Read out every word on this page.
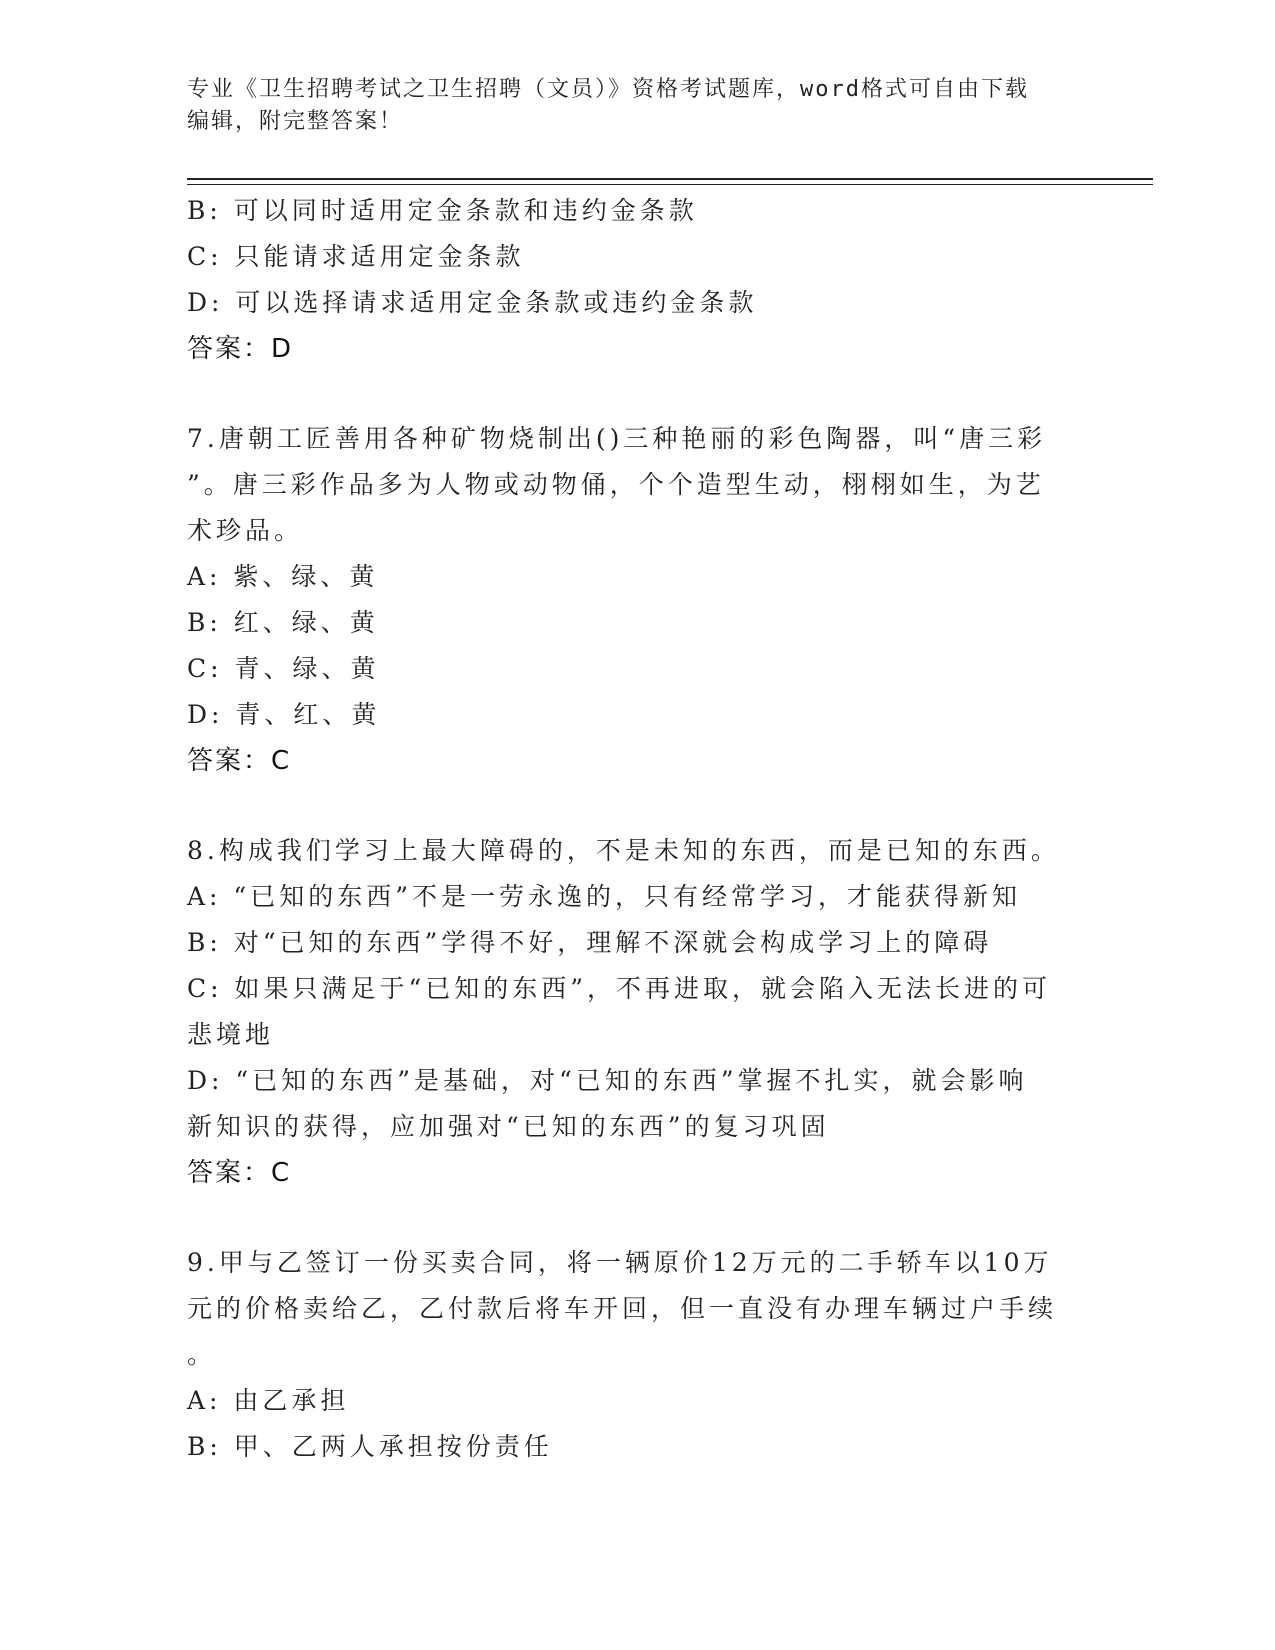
专业《卫生招聘考试之卫生招聘（文员）》资格考试题库，word格式可自由下载
编辑，附完整答案！
B: 可以同时适用定金条款和违约金条款
C: 只能请求适用定金条款
D: 可以选择请求适用定金条款或违约金条款
答案：D
7.唐朝工匠善用各种矿物烧制出()三种艳丽的彩色陶器，叫“唐三彩
”。唐三彩作品多为人物或动物俑，个个造型生动，栩栩如生，为艺
术珍品。
A: 紫、绿、黄
B: 红、绿、黄
C: 青、绿、黄
D: 青、红、黄
答案：C
8.构成我们学习上最大障碍的，不是未知的东西，而是已知的东西。
A: “已知的东西”不是一劳永逸的，只有经常学习，才能获得新知
B: 对“已知的东西”学得不好，理解不深就会构成学习上的障碍
C: 如果只满足于“已知的东西”，不再进取，就会陷入无法长进的可
悲境地
D: “已知的东西”是基础，对“已知的东西”掌握不扎实，就会影响
新知识的获得，应加强对“已知的东西”的复习巩固
答案：C
9.甲与乙签订一份买卖合同，将一辆原价12万元的二手轿车以10万
元的价格卖给乙，乙付款后将车开回，但一直没有办理车辆过户手续
。
A: 由乙承担
B: 甲、乙两人承担按份责任
